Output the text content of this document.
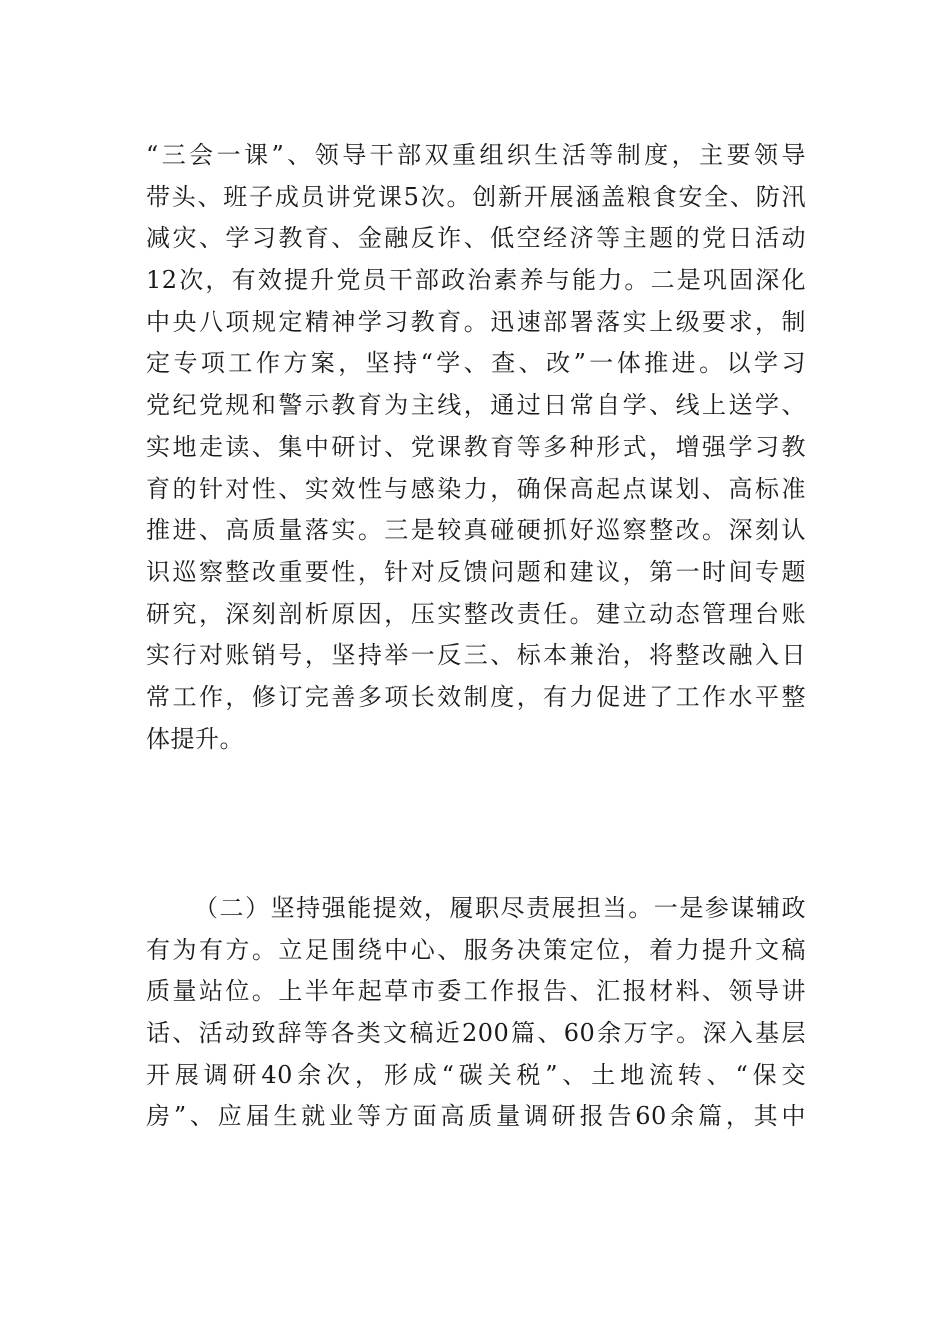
“三会一课”、领导干部双重组织生活等制度，主要领导
带头、班子成员讲党课5次。创新开展涵盖粮食安全、防汛
减灾、学习教育、金融反诈、低空经济等主题的党日活动
12次，有效提升党员干部政治素养与能力。二是巩固深化
中央八项规定精神学习教育。迅速部署落实上级要求，制
定专项工作方案，坚持“学、查、改”一体推进。以学习
党纪党规和警示教育为主线，通过日常自学、线上送学、
实地走读、集中研讨、党课教育等多种形式，增强学习教
育的针对性、实效性与感染力，确保高起点谋划、高标准
推进、高质量落实。三是较真碰硬抓好巡察整改。深刻认
识巡察整改重要性，针对反馈问题和建议，第一时间专题
研究，深刻剖析原因，压实整改责任。建立动态管理台账
实行对账销号，坚持举一反三、标本兼治，将整改融入日
常工作，修订完善多项长效制度，有力促进了工作水平整
体提升。
（二）坚持强能提效，履职尽责展担当。一是参谋辅政
有为有方。立足围绕中心、服务决策定位，着力提升文稿
质量站位。上半年起草市委工作报告、汇报材料、领导讲
话、活动致辞等各类文稿近200篇、60余万字。深入基层
开展调研40余次，形成“碳关税”、土地流转、“保交
房”、应届生就业等方面高质量调研报告60余篇，其中
